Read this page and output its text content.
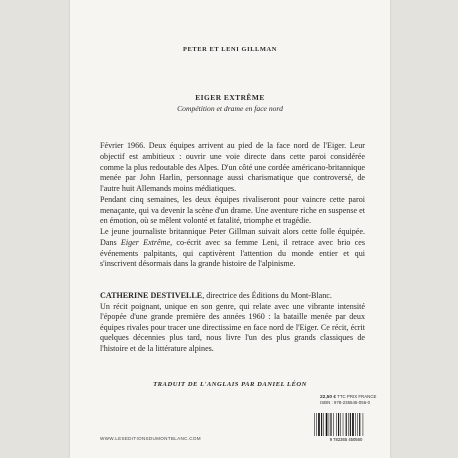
PETER ET LENI GILLMAN
EIGER EXTRÊME
Compétition et drame en face nord

Février 1966. Deux équipes arrivent au pied de la face nord de l'Eiger. Leur objectif est ambitieux : ouvrir une voie directe dans cette paroi considérée comme la plus redoutable des Alpes. D'un côté une cordée américano-britannique menée par John Harlin, personnage aussi charismatique que controversé, de l'autre huit Allemands moins médiatiques.

Pendant cinq semaines, les deux équipes rivaliseront pour vaincre cette paroi menaçante, qui va devenir la scène d'un drame. Une aventure riche en suspense et en émotion, où se mêlent volonté et fatalité, triomphe et tragédie.

Le jeune journaliste britannique Peter Gillman suivait alors cette folle équipée. Dans Eiger Extrême, co-écrit avec sa femme Leni, il retrace avec brio ces événements palpitants, qui captivèrent l'attention du monde entier et qui s'inscrivent désormais dans la grande histoire de l'alpinisme.

CATHERINE DESTIVELLE, directrice des Éditions du Mont-Blanc.

Un récit poignant, unique en son genre, qui relate avec une vibrante intensité l'épopée d'une grande première des années 1960 : la bataille menée par deux équipes rivales pour tracer une directissime en face nord de l'Eiger. Ce récit, écrit quelques décennies plus tard, nous livre l'un des plus grands classiques de l'histoire et de la littérature alpines.

TRADUIT DE L'ANGLAIS PAR DANIEL LÉON
22,50 € TTC PRIX FRANCE
ISBN : 978-236545-056-0
9 782365 450560
WWW.LESEDITIONSDUMONTBLANC.COM
